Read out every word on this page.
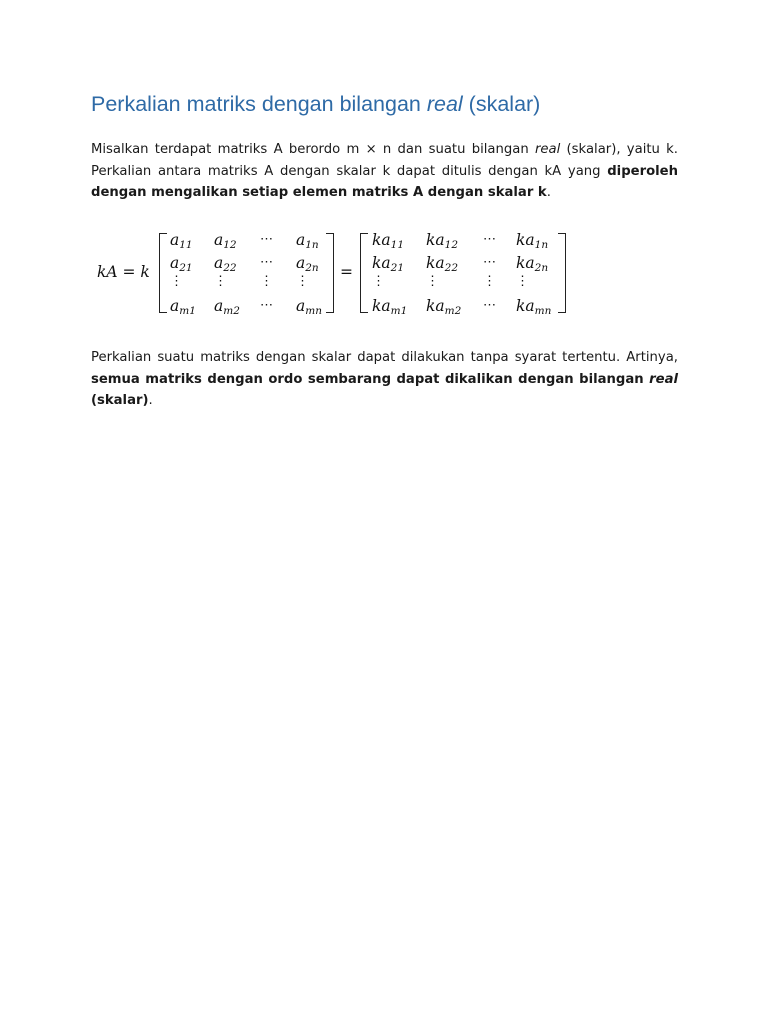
Perkalian matriks dengan bilangan real (skalar)

Misalkan terdapat matriks A berordo m × n dan suatu bilangan real (skalar), yaitu k. Perkalian antara matriks A dengan skalar k dapat ditulis dengan kA yang diperoleh dengan mengalikan setiap elemen matriks A dengan skalar k.

kA = k	=
$a_{11}$ $a_{12}$ ⋯ $a_{1n}$
$a_{21}$ $a_{22}$ ⋯ $a_{2n}$
⋮ ⋮	⋮ ⋮
$a_{m1}$ $a_{m2}$ ⋯ $a_{mn}$
$ka_{11}$ $ka_{12}$ ⋯ $ka_{1n}$
$ka_{21}$ $ka_{22}$ ⋯ $ka_{2n}$
⋮	⋮	⋮ ⋮
$ka_{m1}$ $ka_{m2}$ ⋯ $ka_{mn}$

Perkalian suatu matriks dengan skalar dapat dilakukan tanpa syarat tertentu. Artinya, semua matriks dengan ordo sembarang dapat dikalikan dengan bilangan real (skalar).
